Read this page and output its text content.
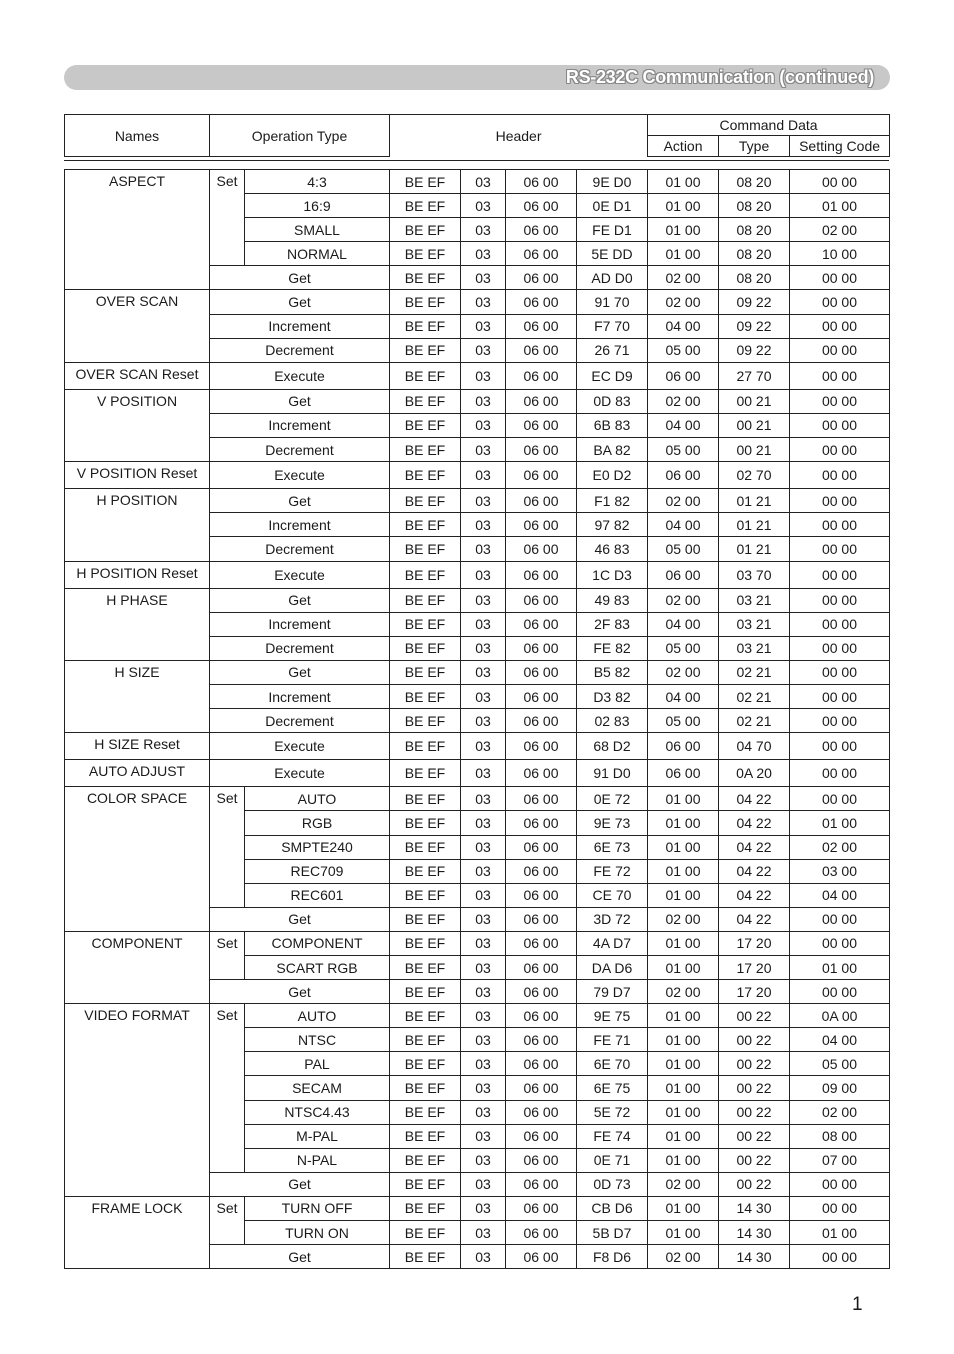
RS-232C Communication (continued)
Names	Operation Type	Header	Command Data		
			Action	Type	Setting Code
ASPECT	Set	4:3	BE EF	03	06 00	9E D0	01 00	08 20	00 00
		16:9	BE EF	03	06 00	0E D1	01 00	08 20	01 00
		SMALL	BE EF	03	06 00	FE D1	01 00	08 20	02 00
		NORMAL	BE EF	03	06 00	5E DD	01 00	08 20	10 00
	Get		BE EF	03	06 00	AD D0	02 00	08 20	00 00
OVER SCAN	Get		BE EF	03	06 00	91 70	02 00	09 22	00 00
	Increment		BE EF	03	06 00	F7 70	04 00	09 22	00 00
	Decrement		BE EF	03	06 00	26 71	05 00	09 22	00 00
OVER SCAN Reset	Execute		BE EF	03	06 00	EC D9	06 00	27 70	00 00
V POSITION	Get		BE EF	03	06 00	0D 83	02 00	00 21	00 00
	Increment		BE EF	03	06 00	6B 83	04 00	00 21	00 00
	Decrement		BE EF	03	06 00	BA 82	05 00	00 21	00 00
V POSITION Reset	Execute		BE EF	03	06 00	E0 D2	06 00	02 70	00 00
H POSITION	Get		BE EF	03	06 00	F1 82	02 00	01 21	00 00
	Increment		BE EF	03	06 00	97 82	04 00	01 21	00 00
	Decrement		BE EF	03	06 00	46 83	05 00	01 21	00 00
H POSITION Reset	Execute		BE EF	03	06 00	1C D3	06 00	03 70	00 00
H PHASE	Get		BE EF	03	06 00	49 83	02 00	03 21	00 00
	Increment		BE EF	03	06 00	2F 83	04 00	03 21	00 00
	Decrement		BE EF	03	06 00	FE 82	05 00	03 21	00 00
H SIZE	Get		BE EF	03	06 00	B5 82	02 00	02 21	00 00
	Increment		BE EF	03	06 00	D3 82	04 00	02 21	00 00
	Decrement		BE EF	03	06 00	02 83	05 00	02 21	00 00
H SIZE Reset	Execute		BE EF	03	06 00	68 D2	06 00	04 70	00 00
AUTO ADJUST	Execute		BE EF	03	06 00	91 D0	06 00	0A 20	00 00
COLOR SPACE	Set	AUTO	BE EF	03	06 00	0E 72	01 00	04 22	00 00
		RGB	BE EF	03	06 00	9E 73	01 00	04 22	01 00
		SMPTE240	BE EF	03	06 00	6E 73	01 00	04 22	02 00
		REC709	BE EF	03	06 00	FE 72	01 00	04 22	03 00
		REC601	BE EF	03	06 00	CE 70	01 00	04 22	04 00
	Get		BE EF	03	06 00	3D 72	02 00	04 22	00 00
COMPONENT	Set	COMPONENT	BE EF	03	06 00	4A D7	01 00	17 20	00 00
		SCART RGB	BE EF	03	06 00	DA D6	01 00	17 20	01 00
	Get		BE EF	03	06 00	79 D7	02 00	17 20	00 00
VIDEO FORMAT	Set	AUTO	BE EF	03	06 00	9E 75	01 00	00 22	0A 00
		NTSC	BE EF	03	06 00	FE 71	01 00	00 22	04 00
		PAL	BE EF	03	06 00	6E 70	01 00	00 22	05 00
		SECAM	BE EF	03	06 00	6E 75	01 00	00 22	09 00
		NTSC4.43	BE EF	03	06 00	5E 72	01 00	00 22	02 00
		M-PAL	BE EF	03	06 00	FE 74	01 00	00 22	08 00
		N-PAL	BE EF	03	06 00	0E 71	01 00	00 22	07 00
	Get		BE EF	03	06 00	0D 73	02 00	00 22	00 00
FRAME LOCK	Set	TURN OFF	BE EF	03	06 00	CB D6	01 00	14 30	00 00
		TURN ON	BE EF	03	06 00	5B D7	01 00	14 30	01 00
	Get		BE EF	03	06 00	F8 D6	02 00	14 30	00 00
1
